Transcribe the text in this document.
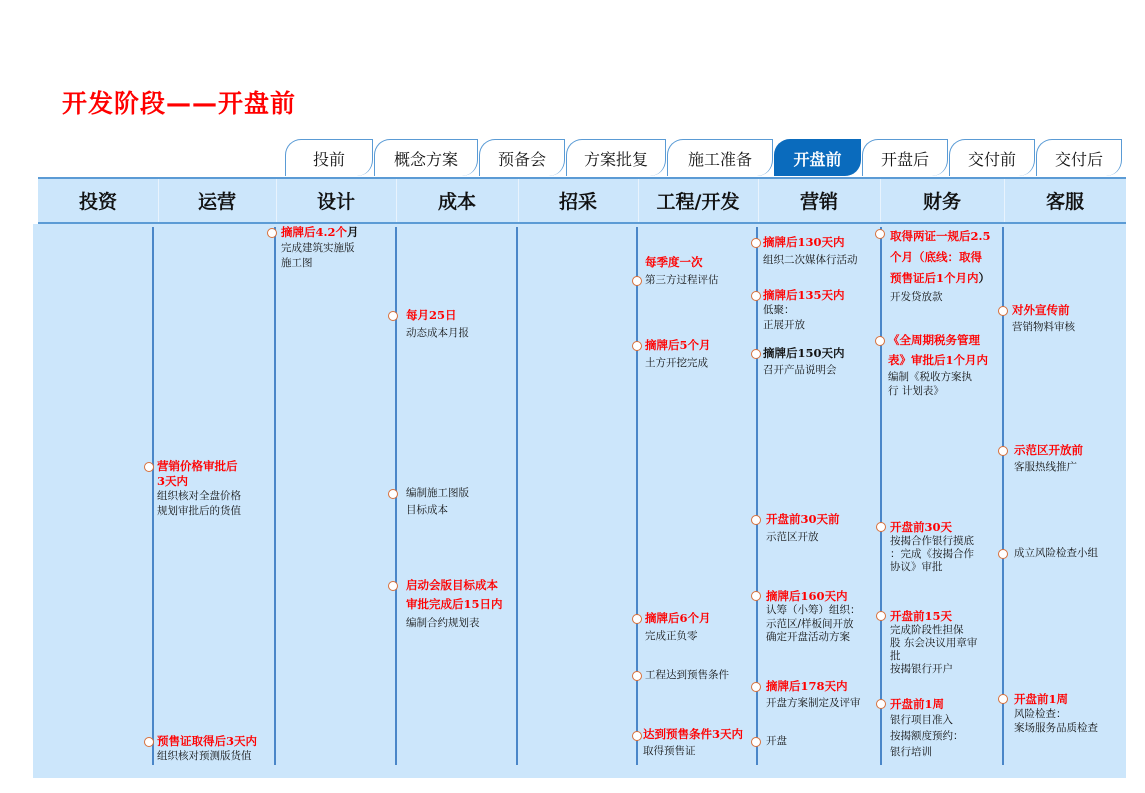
开发阶段——开盘前
投前	概念方案	预备会	方案批复	施工准备	开盘前	开盘后	交付前	交付后
投资	运营	设计	成本	招采	工程/开发	营销	财务	客服
营销价格审批后
3天内
组织核对全盘价格
规划审批后的货值
预售证取得后3天内
组织核对预测版货值
摘牌后4.2个月
完成建筑实施版
施工图
每月25日
动态成本月报
编制施工图版
目标成本
启动会版目标成本
审批完成后15日内
编制合约规划表
每季度一次
第三方过程评估
摘牌后5个月
土方开挖完成
摘牌后6个月
完成正负零
工程达到预售条件
达到预售条件3天内
取得预售证
摘牌后130天内
组织二次媒体行活动
摘牌后135天内
低聚：
正展开放
摘牌后150天内
召开产品说明会
开盘前30天前
示范区开放
摘牌后160天内
认筹（小筹）组织：
示范区/样板间开放
确定开盘活动方案
摘牌后178天内
开盘方案制定及评审
开盘
取得两证一规后2.5
个月（底线：取得
预售证后1个月内）
开发贷放款
《全周期税务管理
表》审批后1个月内
编制《税收方案执
行 计划表》
开盘前30天
按揭合作银行摸底
：完成《按揭合作
协议》审批
开盘前15天
完成阶段性担保
股 东会决议用章审
批
按揭银行开户
开盘前1周
银行项目准入
按揭额度预约：
银行培训
对外宣传前
营销物料审核
示范区开放前
客服热线推广
成立风险检查小组
开盘前1周
风险检查：
案场服务品质检查
